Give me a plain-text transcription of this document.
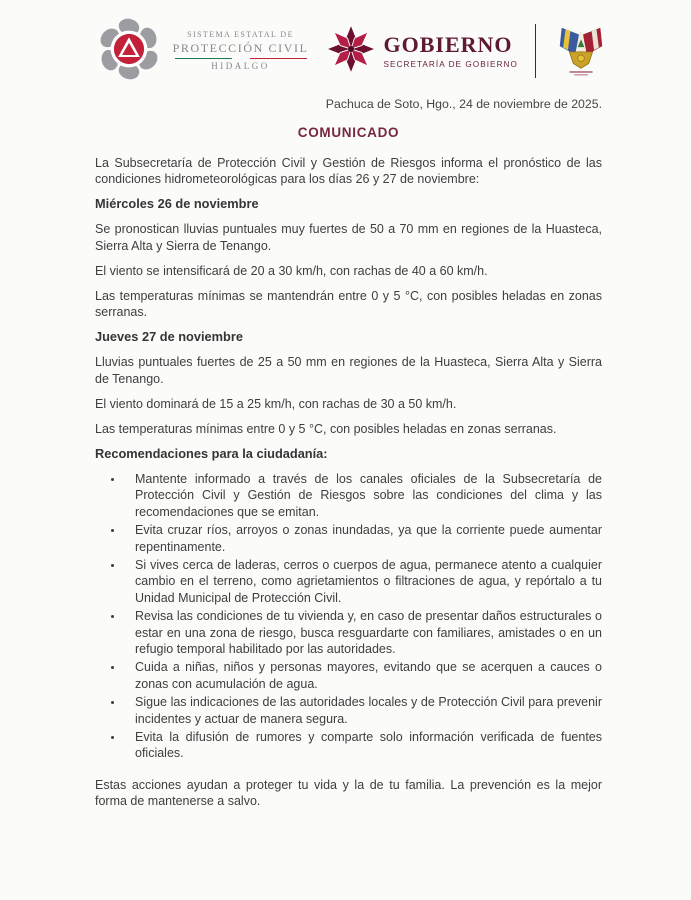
SISTEMA ESTATAL DE
PROTECCIÓN CIVIL
HIDALGO
GOBIERNO
SECRETARÍA DE GOBIERNO
Pachuca de Soto, Hgo., 24 de noviembre de 2025.
COMUNICADO

La Subsecretaría de Protección Civil y Gestión de Riesgos informa el pronóstico de las condiciones hidrometeorológicas para los días 26 y 27 de noviembre:

Miércoles 26 de noviembre

Se pronostican lluvias puntuales muy fuertes de 50 a 70 mm en regiones de la Huasteca, Sierra Alta y Sierra de Tenango.

El viento se intensificará de 20 a 30 km/h, con rachas de 40 a 60 km/h.

Las temperaturas mínimas se mantendrán entre 0 y 5 °C, con posibles heladas en zonas serranas.

Jueves 27 de noviembre

Lluvias puntuales fuertes de 25 a 50 mm en regiones de la Huasteca, Sierra Alta y Sierra de Tenango.

El viento dominará de 15 a 25 km/h, con rachas de 30 a 50 km/h.

Las temperaturas mínimas entre 0 y 5 °C, con posibles heladas en zonas serranas.

Recomendaciones para la ciudadanía:
• Mantente informado a través de los canales oficiales de la Subsecretaría de Protección Civil y Gestión de Riesgos sobre las condiciones del clima y las recomendaciones que se emitan.
• Evita cruzar ríos, arroyos o zonas inundadas, ya que la corriente puede aumentar repentinamente.
• Si vives cerca de laderas, cerros o cuerpos de agua, permanece atento a cualquier cambio en el terreno, como agrietamientos o filtraciones de agua, y repórtalo a tu Unidad Municipal de Protección Civil.
• Revisa las condiciones de tu vivienda y, en caso de presentar daños estructurales o estar en una zona de riesgo, busca resguardarte con familiares, amistades o en un refugio temporal habilitado por las autoridades.
• Cuida a niñas, niños y personas mayores, evitando que se acerquen a cauces o zonas con acumulación de agua.
• Sigue las indicaciones de las autoridades locales y de Protección Civil para prevenir incidentes y actuar de manera segura.
• Evita la difusión de rumores y comparte solo información verificada de fuentes oficiales.

Estas acciones ayudan a proteger tu vida y la de tu familia. La prevención es la mejor forma de mantenerse a salvo.
